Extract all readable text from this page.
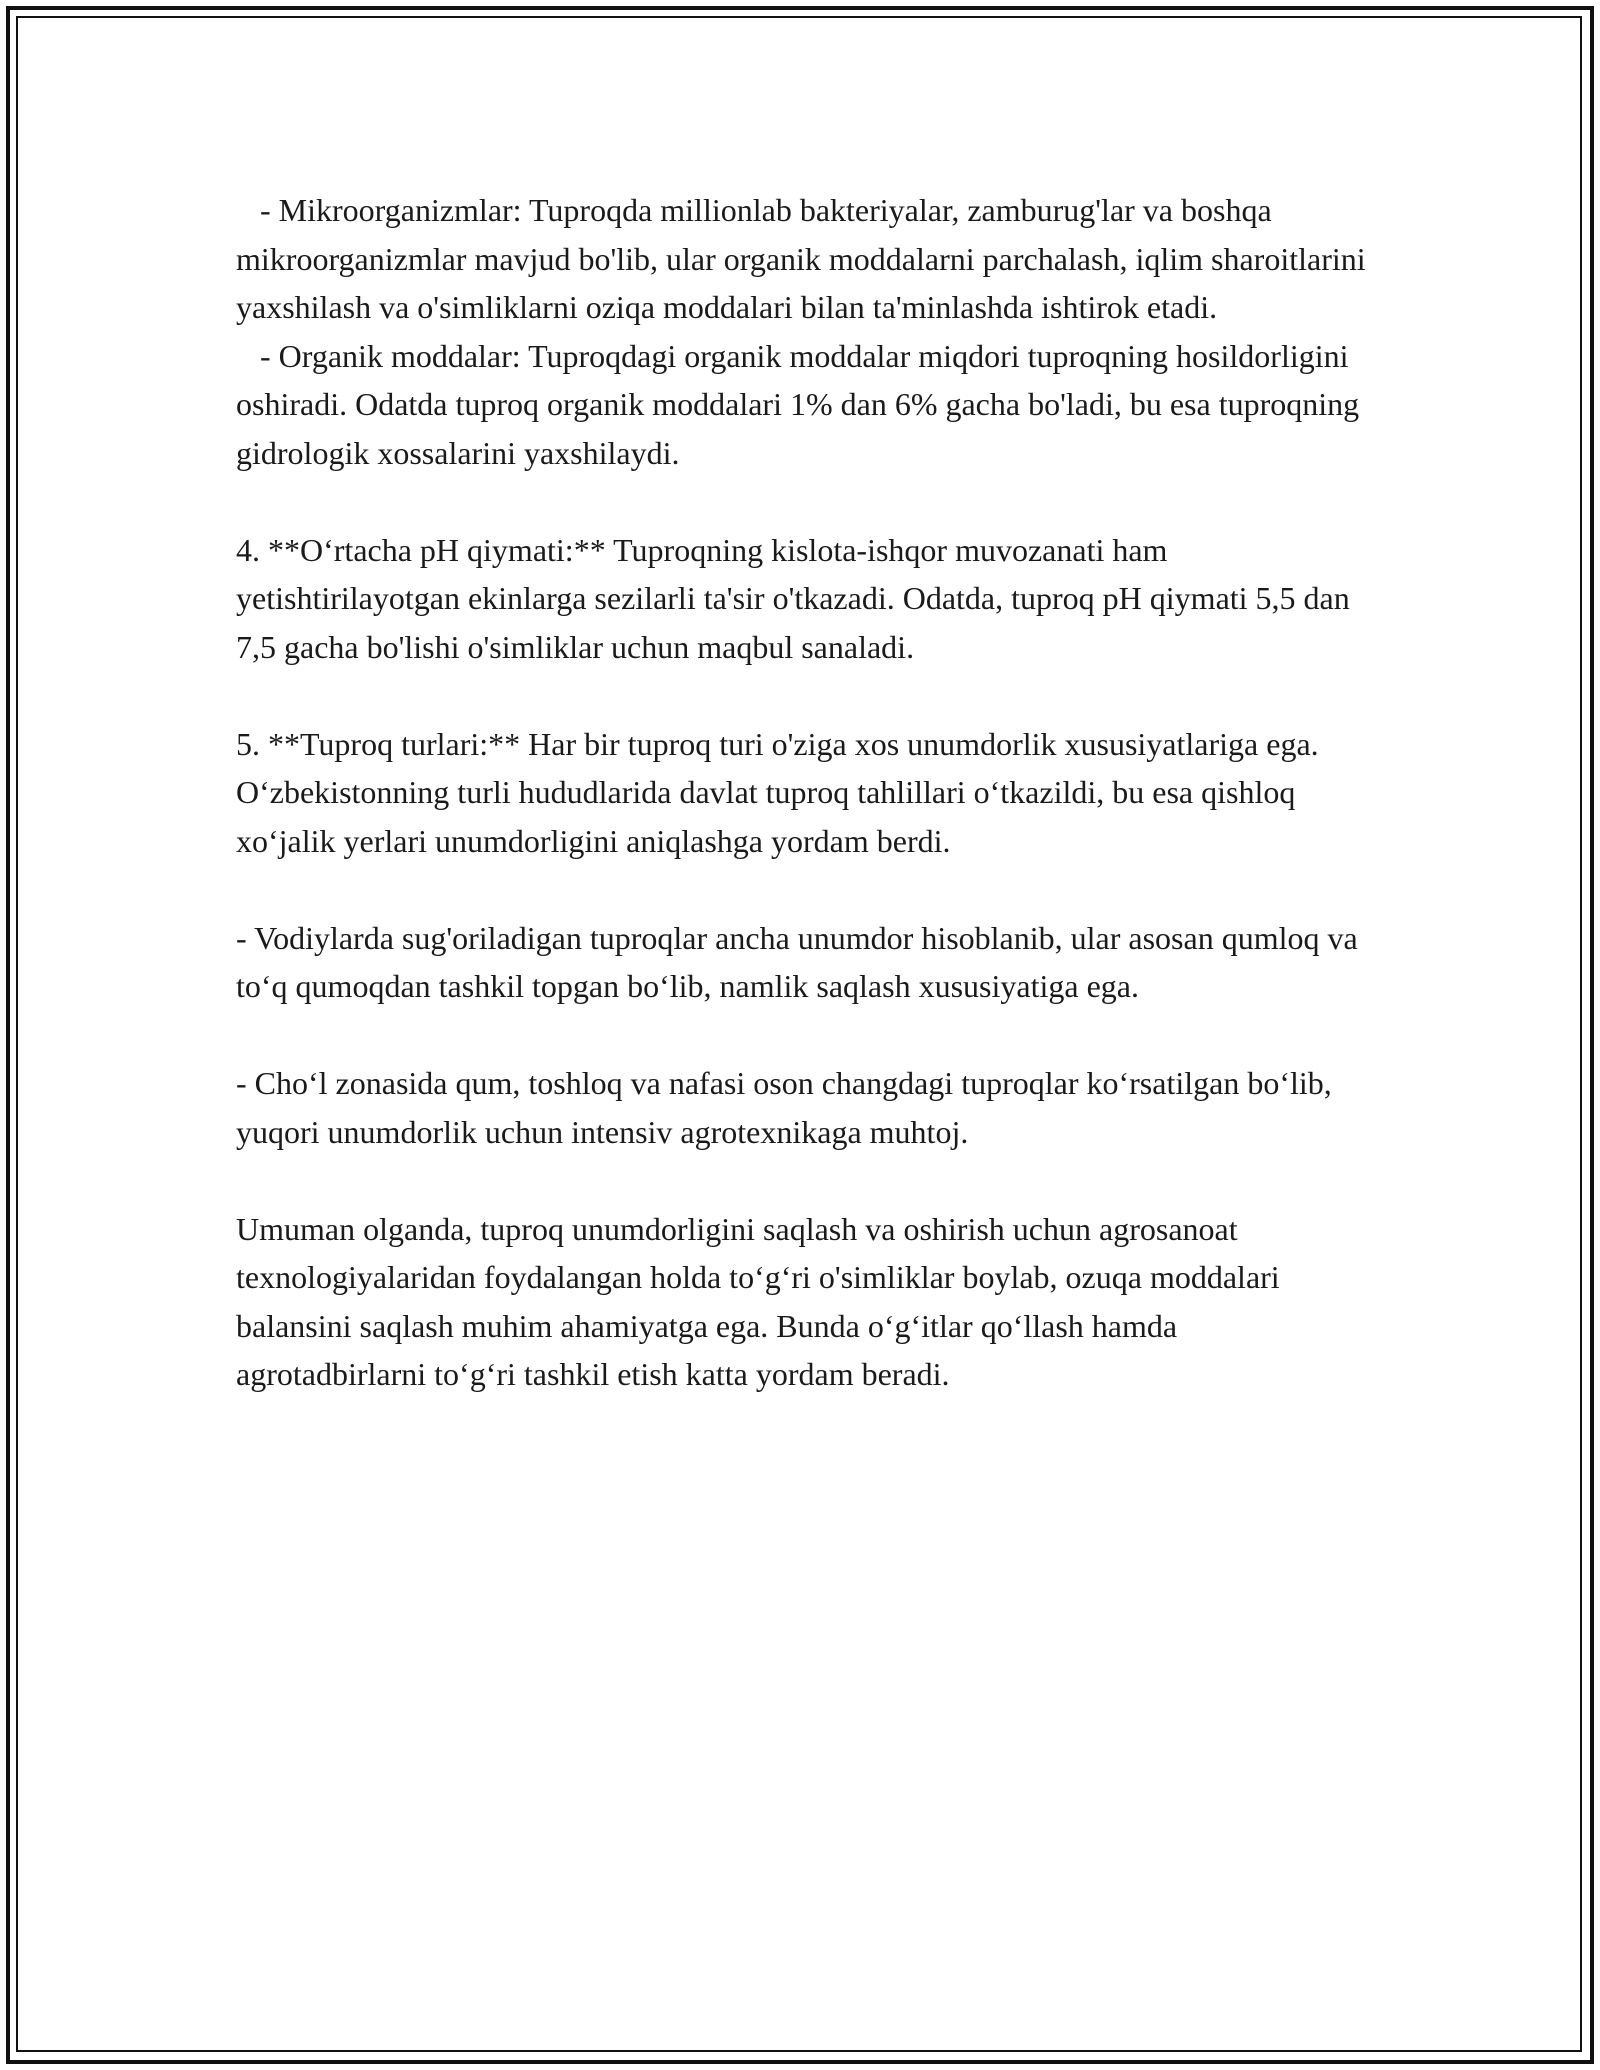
- Mikroorganizmlar: Tuproqda millionlab bakteriyalar, zamburug'lar va boshqa mikroorganizmlar mavjud bo'lib, ular organik moddalarni parchalash, iqlim sharoitlarini yaxshilash va o'simliklarni oziqa moddalari bilan ta'minlashda ishtirok etadi.

- Organik moddalar: Tuproqdagi organik moddalar miqdori tuproqning hosildorligini oshiradi. Odatda tuproq organik moddalari 1% dan 6% gacha bo'ladi, bu esa tuproqning gidrologik xossalarini yaxshilaydi.

4. **O‘rtacha pH qiymati:** Tuproqning kislota-ishqor muvozanati ham yetishtirilayotgan ekinlarga sezilarli ta'sir o'tkazadi. Odatda, tuproq pH qiymati 5,5 dan 7,5 gacha bo'lishi o'simliklar uchun maqbul sanaladi.

5. **Tuproq turlari:** Har bir tuproq turi o'ziga xos unumdorlik xususiyatlariga ega. O‘zbekistonning turli hududlarida davlat tuproq tahlillari o‘tkazildi, bu esa qishloq xo‘jalik yerlari unumdorligini aniqlashga yordam berdi.

- Vodiylarda sug'oriladigan tuproqlar ancha unumdor hisoblanib, ular asosan qumloq va to‘q qumoqdan tashkil topgan bo‘lib, namlik saqlash xususiyatiga ega.

- Cho‘l zonasida qum, toshloq va nafasi oson changdagi tuproqlar ko‘rsatilgan bo‘lib, yuqori unumdorlik uchun intensiv agrotexnikaga muhtoj.

Umuman olganda, tuproq unumdorligini saqlash va oshirish uchun agrosanoat texnologiyalaridan foydalangan holda to‘g‘ri o'simliklar boylab, ozuqa moddalari balansini saqlash muhim ahamiyatga ega. Bunda o‘g‘itlar qo‘llash hamda agrotadbirlarni to‘g‘ri tashkil etish katta yordam beradi.
